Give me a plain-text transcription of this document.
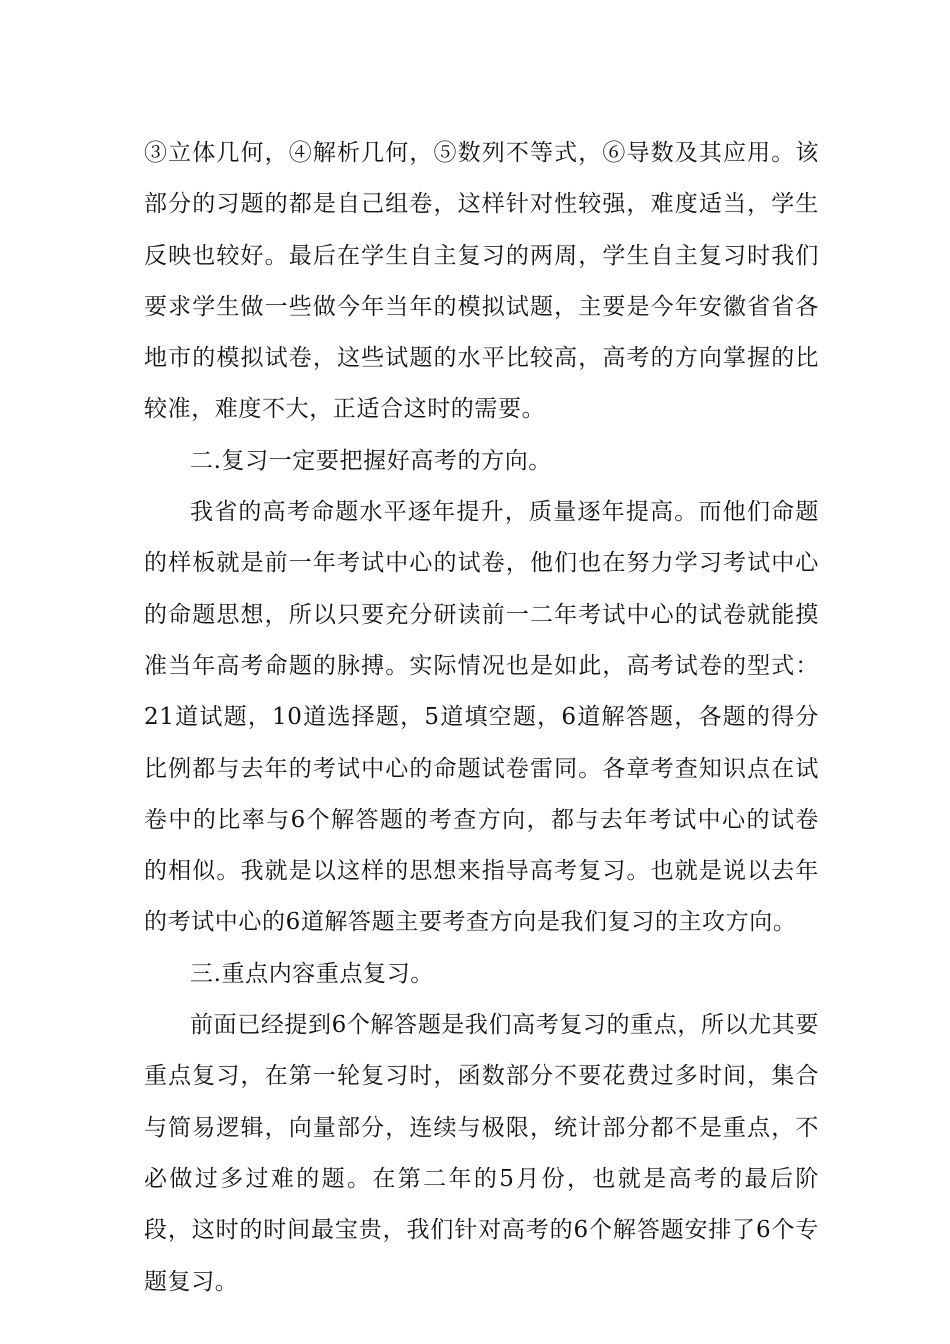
③立体几何，④解析几何，⑤数列不等式，⑥导数及其应用。该部分的习题的都是自己组卷，这样针对性较强，难度适当，学生反映也较好。最后在学生自主复习的两周，学生自主复习时我们要求学生做一些做今年当年的模拟试题，主要是今年安徽省省各地市的模拟试卷，这些试题的水平比较高，高考的方向掌握的比较准，难度不大，正适合这时的需要。

二.复习一定要把握好高考的方向。

我省的高考命题水平逐年提升，质量逐年提高。而他们命题的样板就是前一年考试中心的试卷，他们也在努力学习考试中心的命题思想，所以只要充分研读前一二年考试中心的试卷就能摸准当年高考命题的脉搏。实际情况也是如此，高考试卷的型式：21道试题，10道选择题，5道填空题，6道解答题，各题的得分比例都与去年的考试中心的命题试卷雷同。各章考查知识点在试卷中的比率与6个解答题的考查方向，都与去年考试中心的试卷的相似。我就是以这样的思想来指导高考复习。也就是说以去年的考试中心的6道解答题主要考查方向是我们复习的主攻方向。

三.重点内容重点复习。

前面已经提到6个解答题是我们高考复习的重点，所以尤其要重点复习，在第一轮复习时，函数部分不要花费过多时间，集合与简易逻辑，向量部分，连续与极限，统计部分都不是重点，不必做过多过难的题。在第二年的5月份，也就是高考的最后阶段，这时的时间最宝贵，我们针对高考的6个解答题安排了6个专题复习。
